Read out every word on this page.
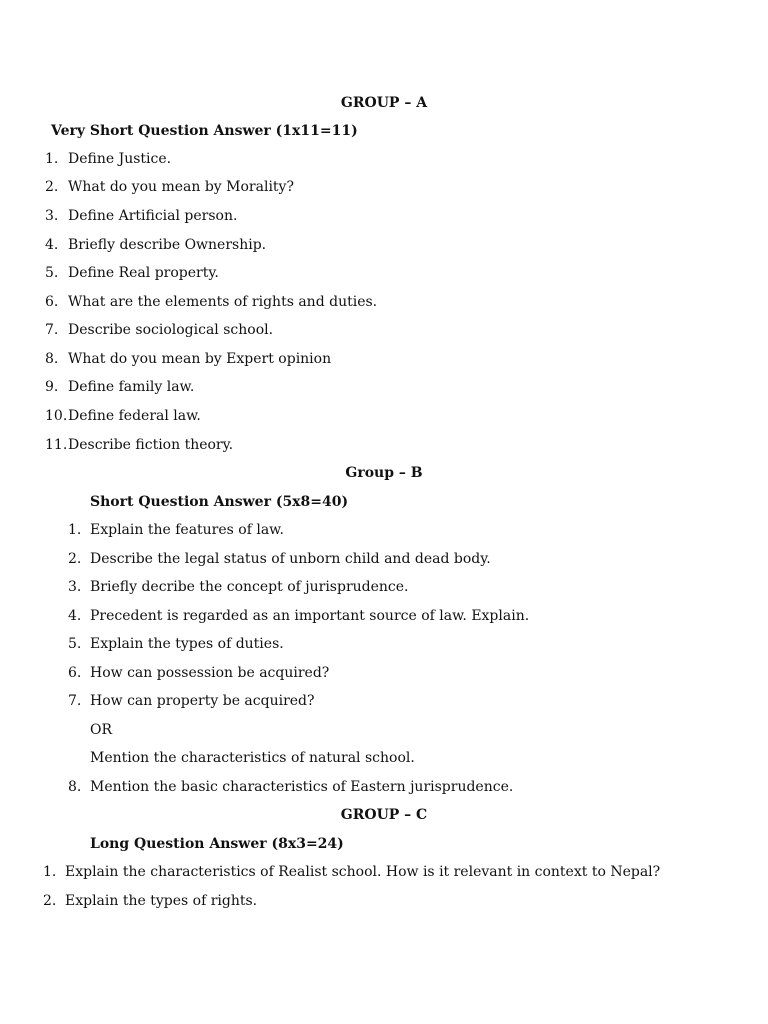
GROUP – A
Very Short Question Answer (1x11=11)
1. Define Justice.
2. What do you mean by Morality?
3. Define Artificial person.
4. Briefly describe Ownership.
5. Define Real property.
6. What are the elements of rights and duties.
7. Describe sociological school.
8. What do you mean by Expert opinion
9. Define family law.
10. Define federal law.
11. Describe fiction theory.
Group – B
Short Question Answer (5x8=40)
1. Explain the features of law.
2. Describe the legal status of unborn child and dead body.
3. Briefly decribe the concept of jurisprudence.
4. Precedent is regarded as an important source of law. Explain.
5. Explain the types of duties.
6. How can possession be acquired?
7. How can property be acquired?
OR
Mention the characteristics of natural school.
8. Mention the basic characteristics of Eastern jurisprudence.
GROUP – C
Long Question Answer (8x3=24)
1. Explain the characteristics of Realist school. How is it relevant in context to Nepal?
2. Explain the types of rights.
